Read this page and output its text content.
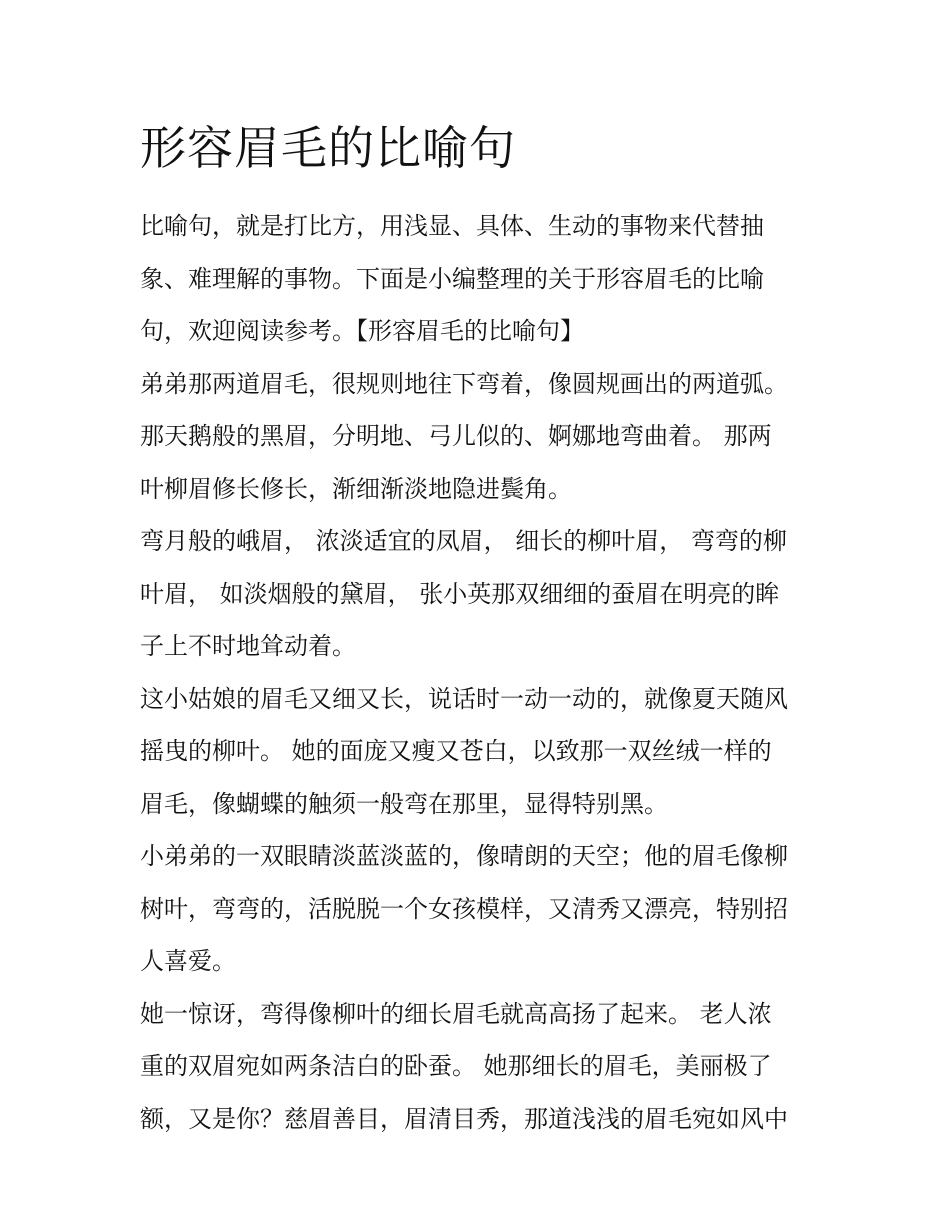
形容眉毛的比喻句

比喻句，就是打比方，用浅显、具体、生动的事物来代替抽
象、难理解的事物。下面是小编整理的关于形容眉毛的比喻
句，欢迎阅读参考。【形容眉毛的比喻句】

弟弟那两道眉毛，很规则地往下弯着，像圆规画出的两道弧。
那天鹅般的黑眉，分明地、弓儿似的、婀娜地弯曲着。 那两
叶柳眉修长修长，渐细渐淡地隐进鬓角。

弯月般的峨眉， 浓淡适宜的凤眉， 细长的柳叶眉， 弯弯的柳
叶眉， 如淡烟般的黛眉， 张小英那双细细的蚕眉在明亮的眸
子上不时地耸动着。

这小姑娘的眉毛又细又长，说话时一动一动的，就像夏天随风
摇曳的柳叶。 她的面庞又瘦又苍白，以致那一双丝绒一样的
眉毛，像蝴蝶的触须一般弯在那里，显得特别黑。

小弟弟的一双眼睛淡蓝淡蓝的，像晴朗的天空；他的眉毛像柳
树叶，弯弯的，活脱脱一个女孩模样，又清秀又漂亮，特别招
人喜爱。

她一惊讶，弯得像柳叶的细长眉毛就高高扬了起来。 老人浓
重的双眉宛如两条洁白的卧蚕。 她那细长的眉毛，美丽极了
额，又是你？慈眉善目，眉清目秀，那道浅浅的眉毛宛如风中
